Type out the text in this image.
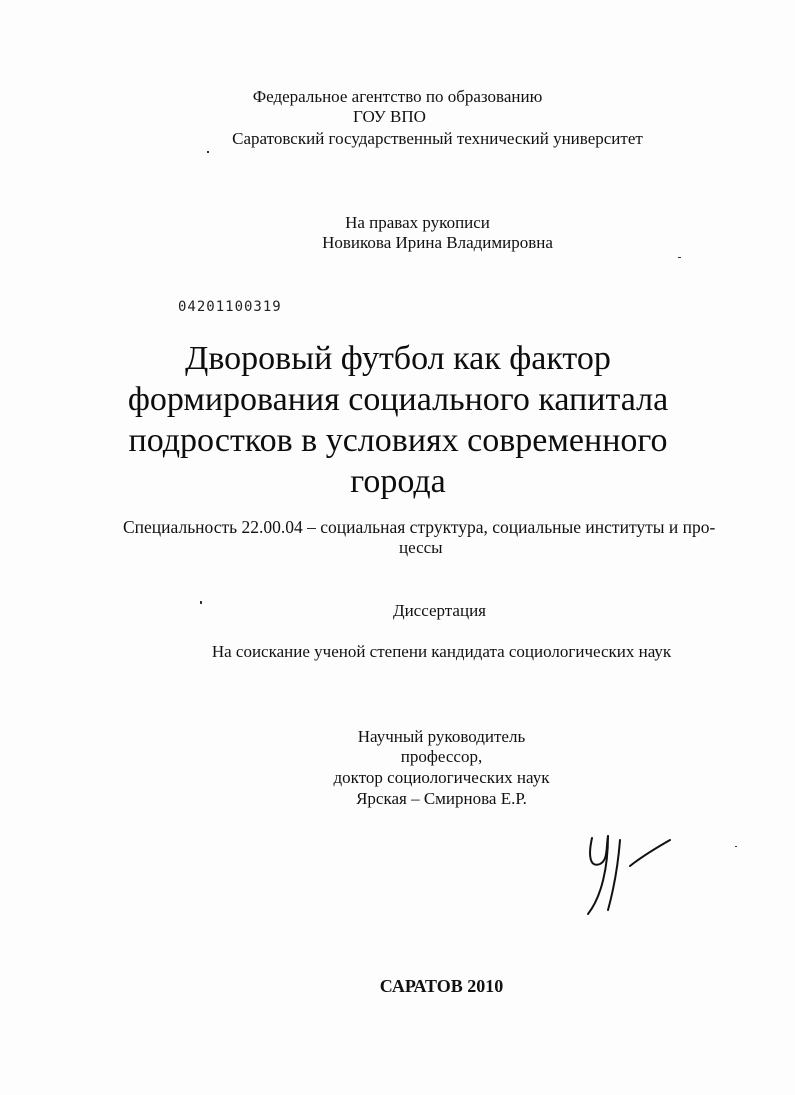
Федеральное агентство по образованию
ГОУ ВПО
Саратовский государственный технический университет
На правах рукописи
Новикова Ирина Владимировна
04201100319
Дворовый футбол как фактор
формирования социального капитала
подростков в условиях современного
города
Специальность 22.00.04 – социальная структура, социальные институты и про-
цессы
Диссертация
На соискание ученой степени кандидата социологических наук
Научный руководитель
профессор,
доктор социологических наук
Ярская – Смирнова Е.Р.
САРАТОВ 2010
